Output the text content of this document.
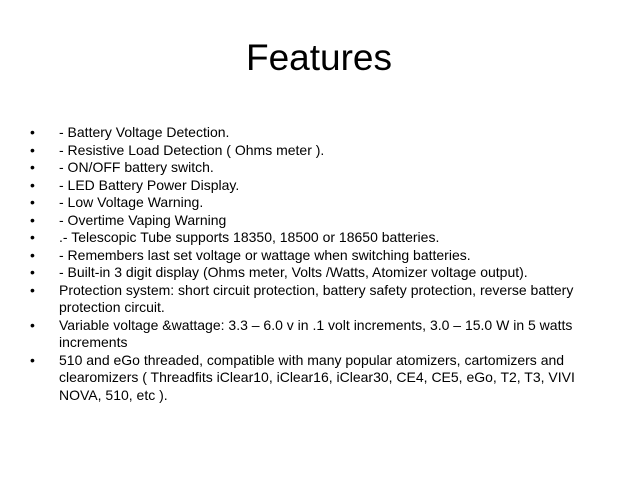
Features
•	- Battery Voltage Detection.
•	- Resistive Load Detection ( Ohms meter ).
•	- ON/OFF battery switch.
•	- LED Battery Power Display.
•	- Low Voltage Warning.
•	- Overtime Vaping Warning
•	.- Telescopic Tube supports 18350, 18500 or 18650 batteries.
•	- Remembers last set voltage or wattage when switching batteries.
•	- Built-in 3 digit display (Ohms meter, Volts /Watts, Atomizer voltage output).
•	Protection system: short circuit protection, battery safety protection, reverse battery protection circuit.
•	Variable voltage &wattage: 3.3 – 6.0 v in .1 volt increments, 3.0 – 15.0 W in 5 watts increments
•	510 and eGo threaded, compatible with many popular atomizers, cartomizers and clearomizers ( Threadfits iClear10, iClear16, iClear30, CE4, CE5, eGo, T2, T3, VIVI NOVA, 510, etc ).
